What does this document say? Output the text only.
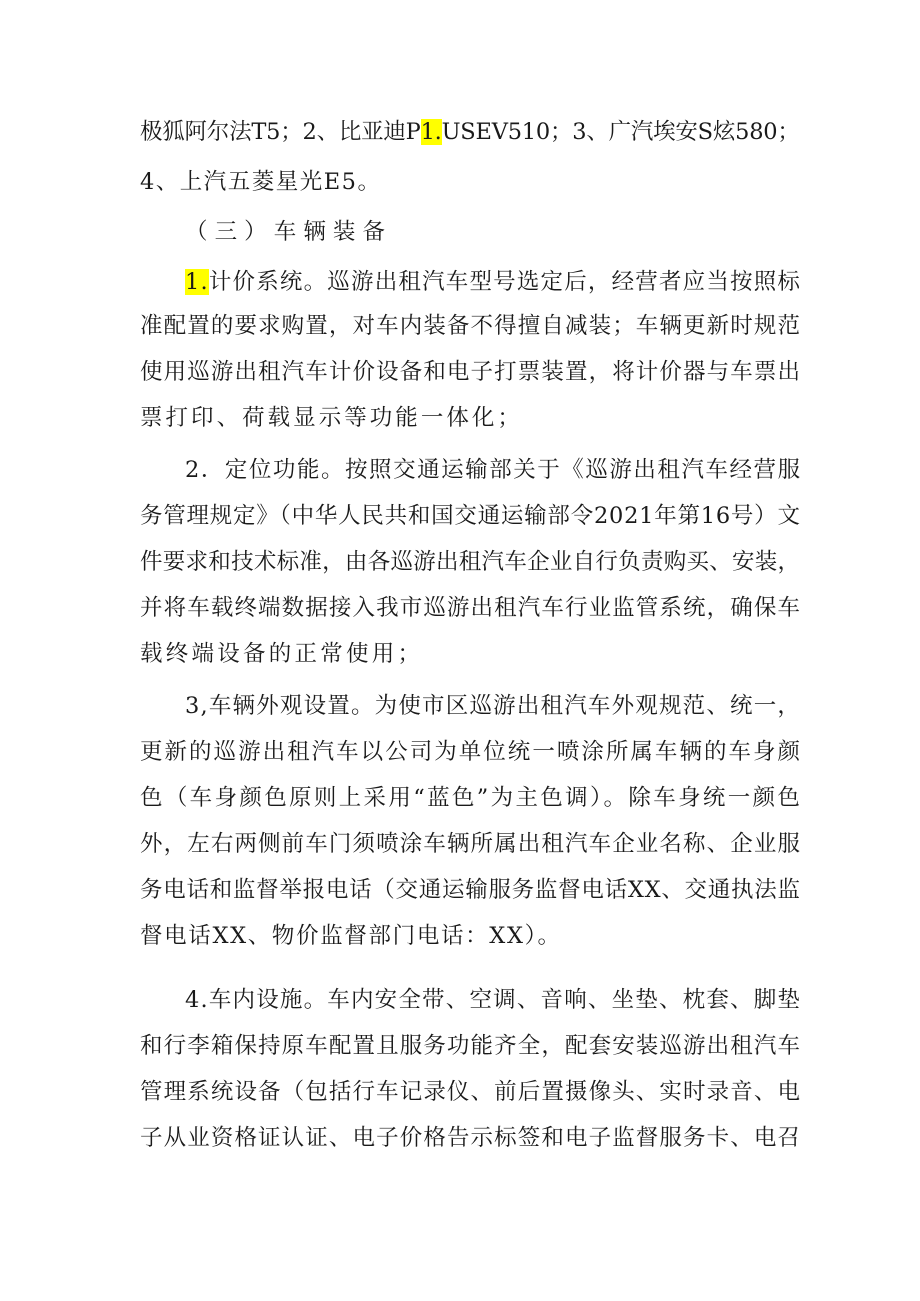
极狐阿尔法T5；2、比亚迪P1.USEV510；3、广汽埃安S炫580；
4、上汽五菱星光E5。
（三）车辆装备
1.计价系统。巡游出租汽车型号选定后，经营者应当按照标
准配置的要求购置，对车内装备不得擅自减装；车辆更新时规范
使用巡游出租汽车计价设备和电子打票装置，将计价器与车票出
票打印、荷载显示等功能一体化；
2．定位功能。按照交通运输部关于《巡游出租汽车经营服
务管理规定》（中华人民共和国交通运输部令2021年第16号）文
件要求和技术标准，由各巡游出租汽车企业自行负责购买、安装，
并将车载终端数据接入我市巡游出租汽车行业监管系统，确保车
载终端设备的正常使用；
3,车辆外观设置。为使市区巡游出租汽车外观规范、统一，
更新的巡游出租汽车以公司为单位统一喷涂所属车辆的车身颜
色（车身颜色原则上采用“蓝色”为主色调）。除车身统一颜色
外，左右两侧前车门须喷涂车辆所属出租汽车企业名称、企业服
务电话和监督举报电话（交通运输服务监督电话XX、交通执法监
督电话XX、物价监督部门电话：XX）。
4.车内设施。车内安全带、空调、音响、坐垫、枕套、脚垫
和行李箱保持原车配置且服务功能齐全，配套安装巡游出租汽车
管理系统设备（包括行车记录仪、前后置摄像头、实时录音、电
子从业资格证认证、电子价格告示标签和电子监督服务卡、电召
